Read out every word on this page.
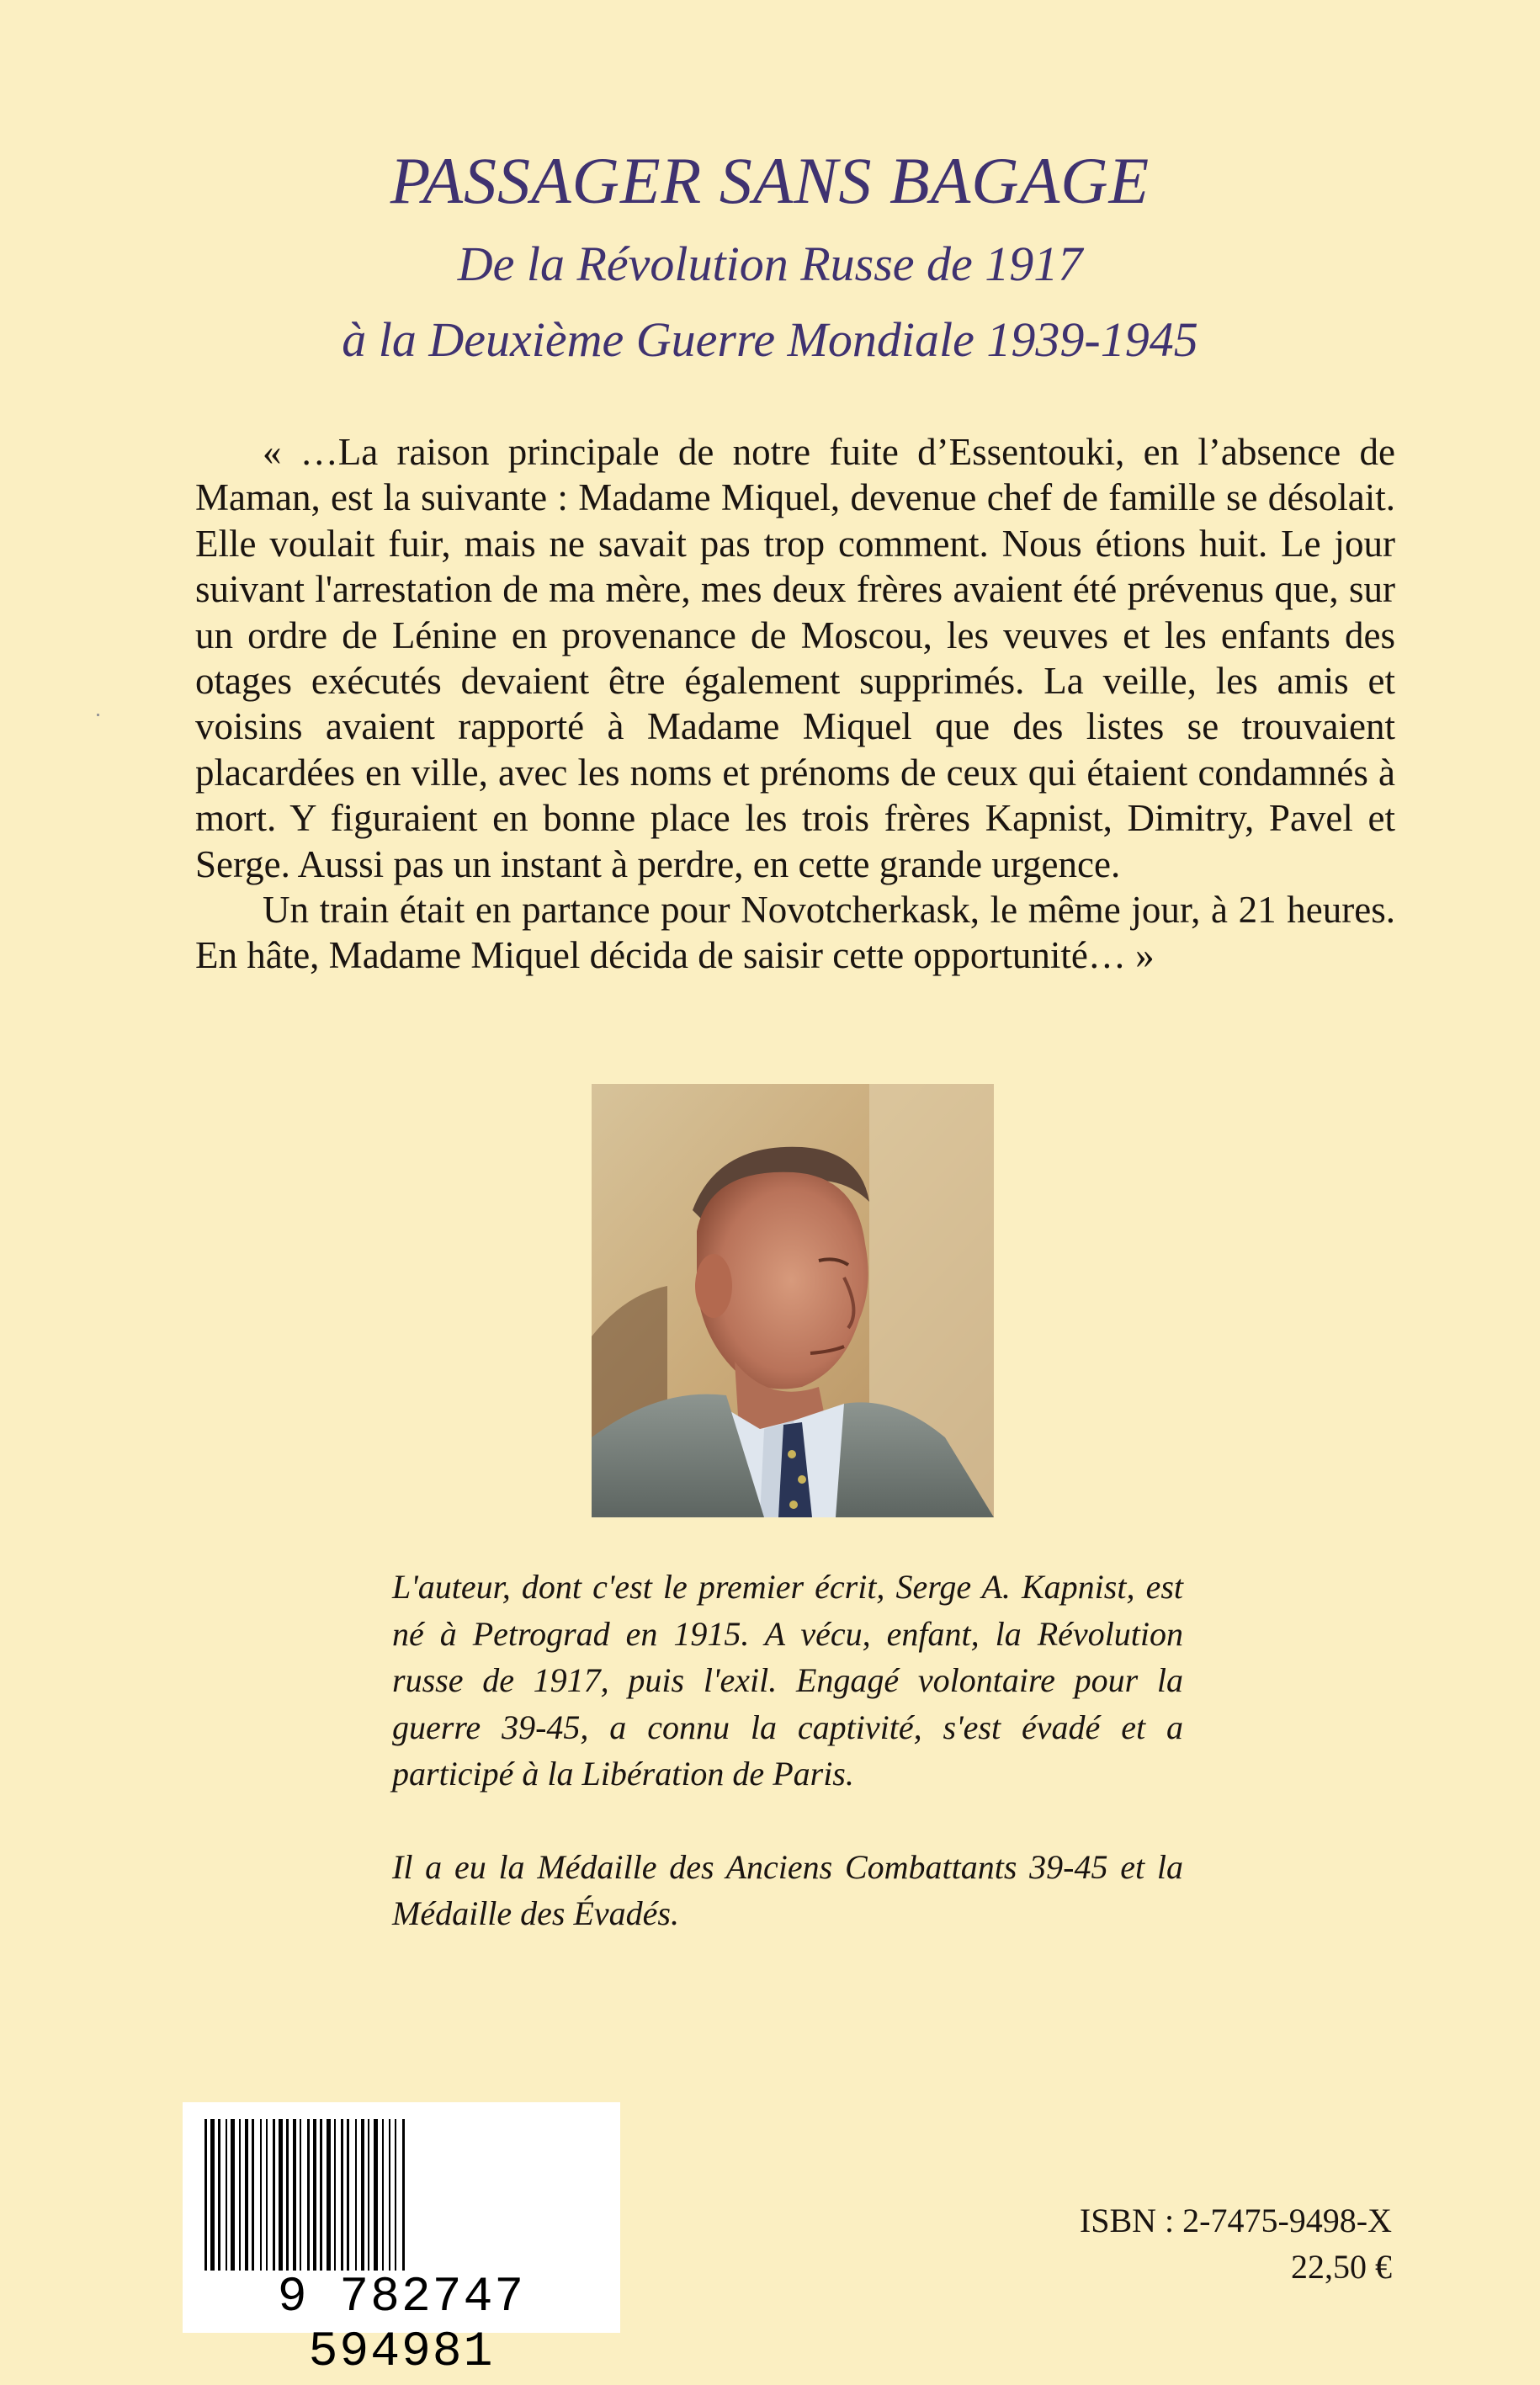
PASSAGER SANS BAGAGE
De la Révolution Russe de 1917
à la Deuxième Guerre Mondiale 1939-1945

« …La raison principale de notre fuite d’Essentouki, en l’absence de Maman, est la suivante : Madame Miquel, devenue chef de famille se désolait. Elle voulait fuir, mais ne savait pas trop comment. Nous étions huit. Le jour suivant l'arrestation de ma mère, mes deux frères avaient été prévenus que, sur un ordre de Lénine en provenance de Moscou, les veuves et les enfants des otages exécutés devaient être également supprimés. La veille, les amis et voisins avaient rapporté à Madame Miquel que des listes se trouvaient placardées en ville, avec les noms et prénoms de ceux qui étaient condamnés à mort. Y figuraient en bonne place les trois frères Kapnist, Dimitry, Pavel et Serge. Aussi pas un instant à perdre, en cette grande urgence.

Un train était en partance pour Novotcherkask, le même jour, à 21 heures. En hâte, Madame Miquel décida de saisir cette opportunité… »

L'auteur, dont c'est le premier écrit, Serge A. Kapnist, est né à Petrograd en 1915. A vécu, enfant, la Révolution russe de 1917, puis l'exil. Engagé volontaire pour la guerre 39-45, a connu la captivité, s'est évadé et a participé à la Libération de Paris.

Il a eu la Médaille des Anciens Combattants 39-45 et la Médaille des Évadés.

9 782747 594981
ISBN : 2-7475-9498-X
22,50 €
